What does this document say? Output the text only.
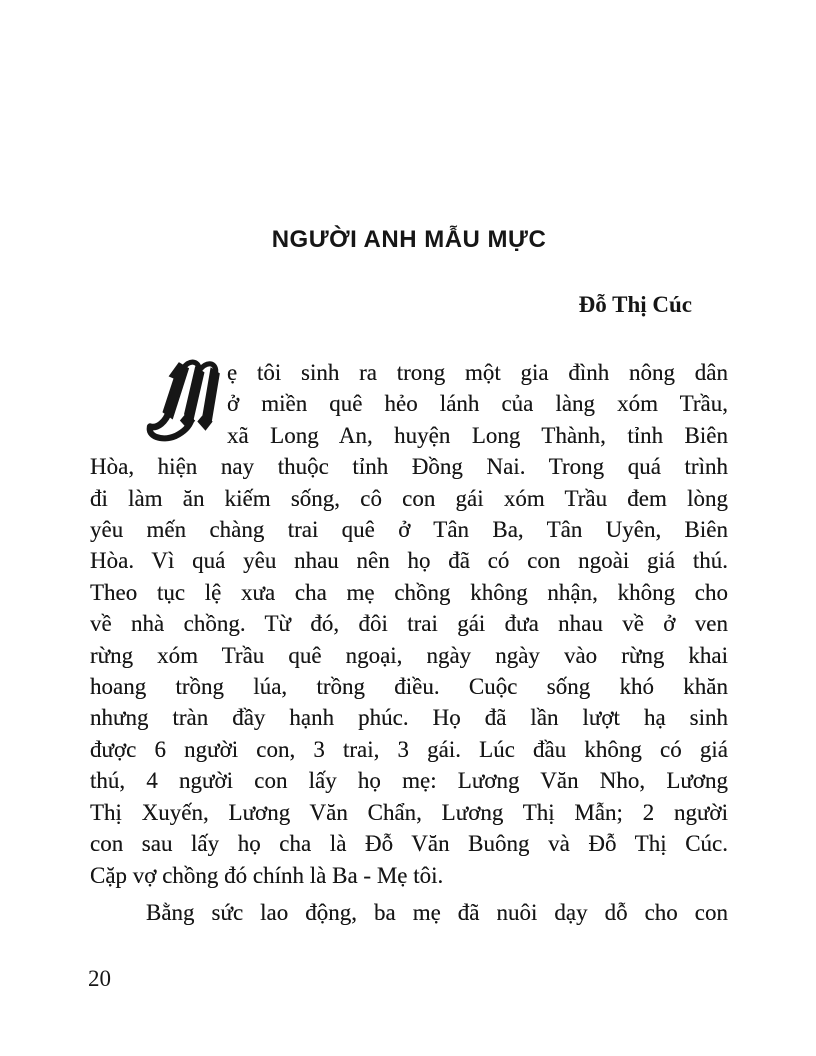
NGƯỜI ANH MẪU MỰC
Đỗ Thị Cúc
ẹ tôi sinh ra trong một gia đình nông dân
ở miền quê hẻo lánh của làng xóm Trầu,
xã Long An, huyện Long Thành, tỉnh Biên
Hòa, hiện nay thuộc tỉnh Đồng Nai. Trong quá trình
đi làm ăn kiếm sống, cô con gái xóm Trầu đem lòng
yêu mến chàng trai quê ở Tân Ba, Tân Uyên, Biên
Hòa. Vì quá yêu nhau nên họ đã có con ngoài giá thú.
Theo tục lệ xưa cha mẹ chồng không nhận, không cho
về nhà chồng. Từ đó, đôi trai gái đưa nhau về ở ven
rừng xóm Trầu quê ngoại, ngày ngày vào rừng khai
hoang trồng lúa, trồng điều. Cuộc sống khó khăn
nhưng tràn đầy hạnh phúc. Họ đã lần lượt hạ sinh
được 6 người con, 3 trai, 3 gái. Lúc đầu không có giá
thú, 4 người con lấy họ mẹ: Lương Văn Nho, Lương
Thị Xuyến, Lương Văn Chẩn, Lương Thị Mẫn; 2 người
con sau lấy họ cha là Đỗ Văn Buông và Đỗ Thị Cúc.
Cặp vợ chồng đó chính là Ba - Mẹ tôi.
Bằng sức lao động, ba mẹ đã nuôi dạy dỗ cho con
20
